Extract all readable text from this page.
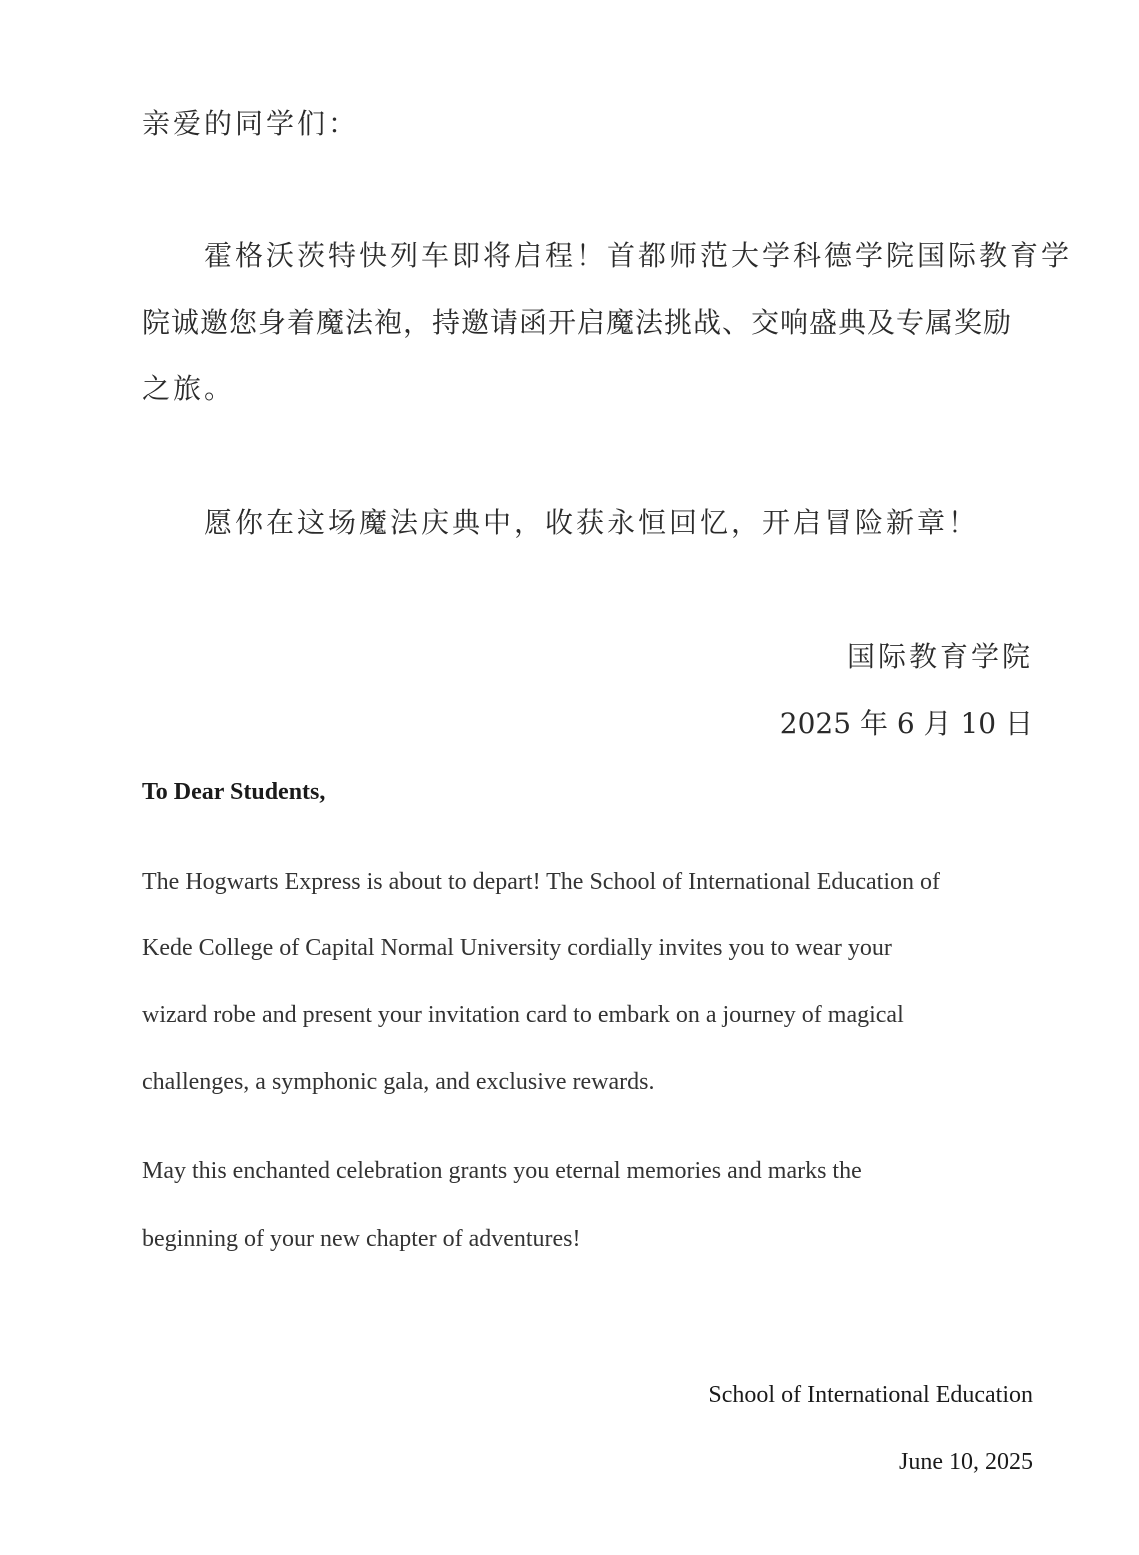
亲爱的同学们：
霍格沃茨特快列车即将启程！首都师范大学科德学院国际教育学
院诚邀您身着魔法袍，持邀请函开启魔法挑战、交响盛典及专属奖励
之旅。
愿你在这场魔法庆典中，收获永恒回忆，开启冒险新章！
国际教育学院
2025 年 6 月 10 日
To Dear Students,
The Hogwarts Express is about to depart! The School of International Education of
Kede College of Capital Normal University cordially invites you to wear your
wizard robe and present your invitation card to embark on a journey of magical
challenges, a symphonic gala, and exclusive rewards.
May this enchanted celebration grants you eternal memories and marks the
beginning of your new chapter of adventures!
School of International Education
June 10, 2025
